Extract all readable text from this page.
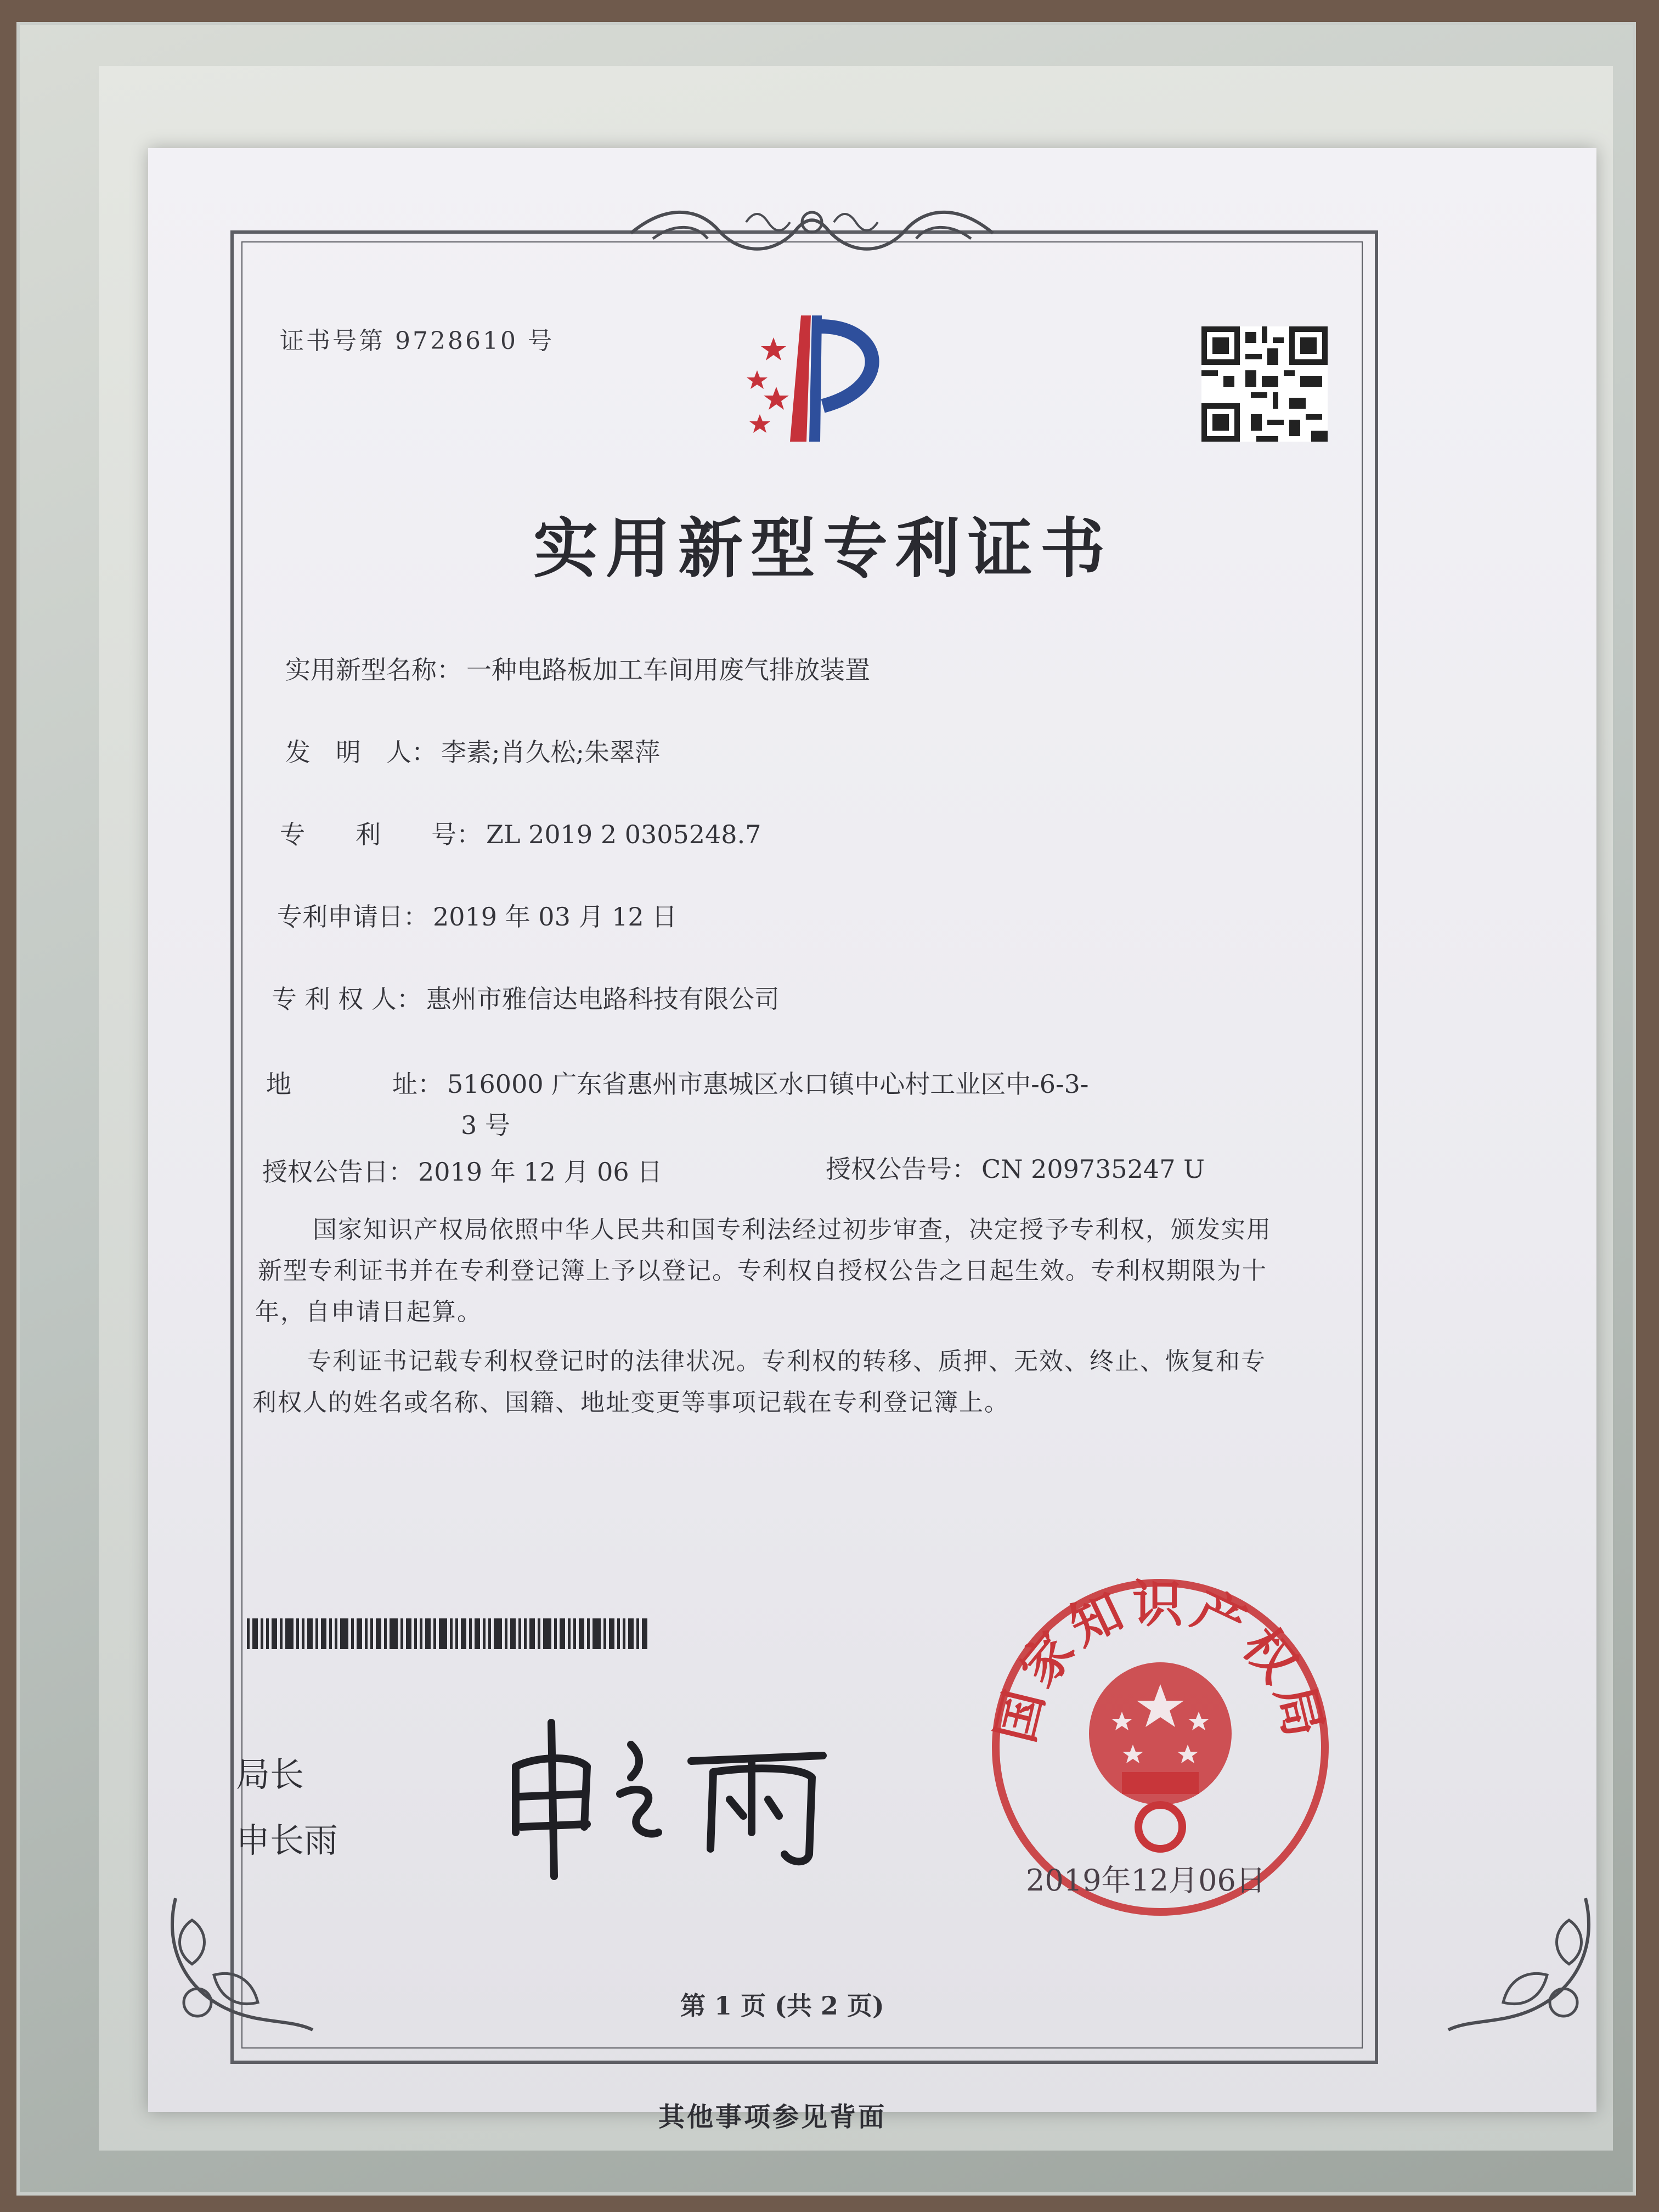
证书号第 9728610 号
实用新型专利证书
实用新型名称： 一种电路板加工车间用废气排放装置
发　明　人： 李素;肖久松;朱翠萍
专　　利　　号： ZL 2019 2 0305248.7
专利申请日： 2019 年 03 月 12 日
专 利 权 人： 惠州市雅信达电路科技有限公司
地　　　　址： 516000 广东省惠州市惠城区水口镇中心村工业区中-6-3-
3 号
授权公告日： 2019 年 12 月 06 日	授权公告号： CN 209735247 U
国家知识产权局依照中华人民共和国专利法经过初步审查，决定授予专利权，颁发实用
新型专利证书并在专利登记簿上予以登记。专利权自授权公告之日起生效。专利权期限为十
年，自申请日起算。
专利证书记载专利权登记时的法律状况。专利权的转移、质押、无效、终止、恢复和专
利权人的姓名或名称、国籍、地址变更等事项记载在专利登记簿上。
局长
申长雨
国家知识产权局
2019年12月06日
第 1 页 (共 2 页)
其他事项参见背面
